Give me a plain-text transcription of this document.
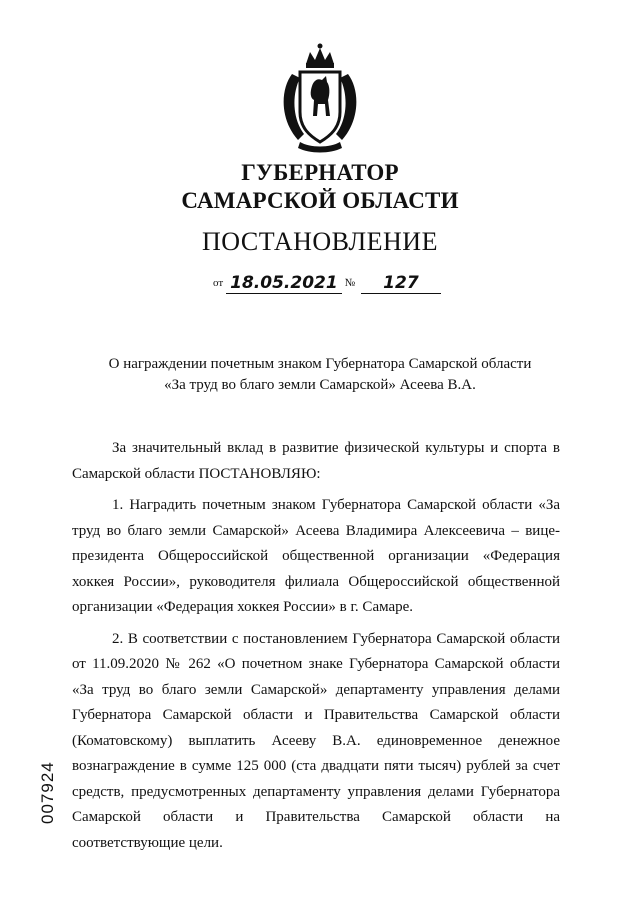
ГУБЕРНАТОР
САМАРСКОЙ ОБЛАСТИ
ПОСТАНОВЛЕНИЕ
от 18.05.2021 № 127
О награждении почетным знаком Губернатора Самарской области
«За труд во благо земли Самарской» Асеева В.А.

За значительный вклад в развитие физической культуры и спорта в Самарской области ПОСТАНОВЛЯЮ:

1. Наградить почетным знаком Губернатора Самарской области «За труд во благо земли Самарской» Асеева Владимира Алексеевича – вице-президента Общероссийской общественной организации «Федерация хоккея России», руководителя филиала Общероссийской общественной организации «Федерация хоккея России» в г. Самаре.

2. В соответствии с постановлением Губернатора Самарской области от 11.09.2020 № 262 «О почетном знаке Губернатора Самарской области «За труд во благо земли Самарской» департаменту управления делами Губернатора Самарской области и Правительства Самарской области (Коматовскому) выплатить Асееву В.А. единовременное денежное вознаграждение в сумме 125 000 (ста двадцати пяти тысяч) рублей за счет средств, предусмотренных департаменту управления делами Губернатора Самарской области и Правительства Самарской области на соответствующие цели.

007924
